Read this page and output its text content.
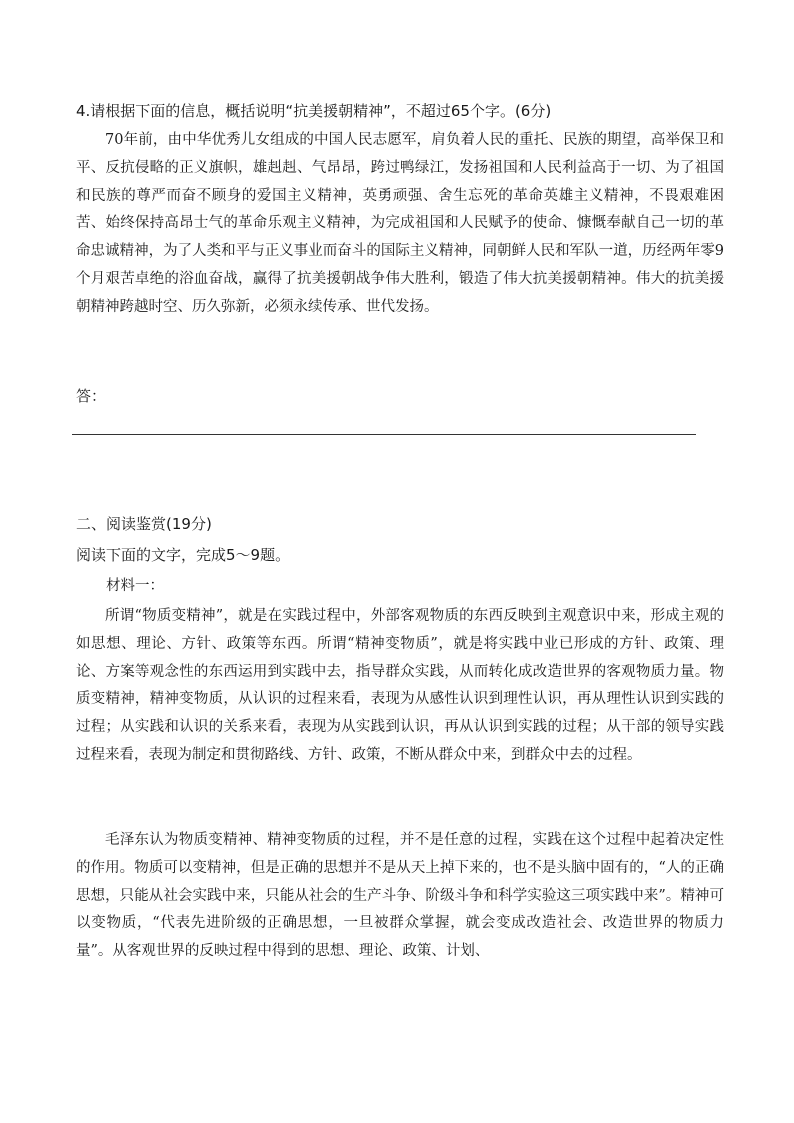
4.请根据下面的信息，概括说明“抗美援朝精神”，不超过65个字。(6分)

70年前，由中华优秀儿女组成的中国人民志愿军，肩负着人民的重托、民族的期望，高举保卫和平、反抗侵略的正义旗帜，雄赳赳、气昂昂，跨过鸭绿江，发扬祖国和人民利益高于一切、为了祖国和民族的尊严而奋不顾身的爱国主义精神，英勇顽强、舍生忘死的革命英雄主义精神，不畏艰难困苦、始终保持高昂士气的革命乐观主义精神，为完成祖国和人民赋予的使命、慷慨奉献自己一切的革命忠诚精神，为了人类和平与正义事业而奋斗的国际主义精神，同朝鲜人民和军队一道，历经两年零9个月艰苦卓绝的浴血奋战，赢得了抗美援朝战争伟大胜利，锻造了伟大抗美援朝精神。伟大的抗美援朝精神跨越时空、历久弥新，必须永续传承、世代发扬。

答：
二、阅读鉴赏(19分)
阅读下面的文字，完成5～9题。
材料一：

所谓“物质变精神”，就是在实践过程中，外部客观物质的东西反映到主观意识中来，形成主观的如思想、理论、方针、政策等东西。所谓“精神变物质”，就是将实践中业已形成的方针、政策、理论、方案等观念性的东西运用到实践中去，指导群众实践，从而转化成改造世界的客观物质力量。物质变精神，精神变物质，从认识的过程来看，表现为从感性认识到理性认识，再从理性认识到实践的过程；从实践和认识的关系来看，表现为从实践到认识，再从认识到实践的过程；从干部的领导实践过程来看，表现为制定和贯彻路线、方针、政策，不断从群众中来，到群众中去的过程。

毛泽东认为物质变精神、精神变物质的过程，并不是任意的过程，实践在这个过程中起着决定性的作用。物质可以变精神，但是正确的思想并不是从天上掉下来的，也不是头脑中固有的，“人的正确思想，只能从社会实践中来，只能从社会的生产斗争、阶级斗争和科学实验这三项实践中来”。精神可以变物质，“代表先进阶级的正确思想，一旦被群众掌握，就会变成改造社会、改造世界的物质力量”。从客观世界的反映过程中得到的思想、理论、政策、计划、
